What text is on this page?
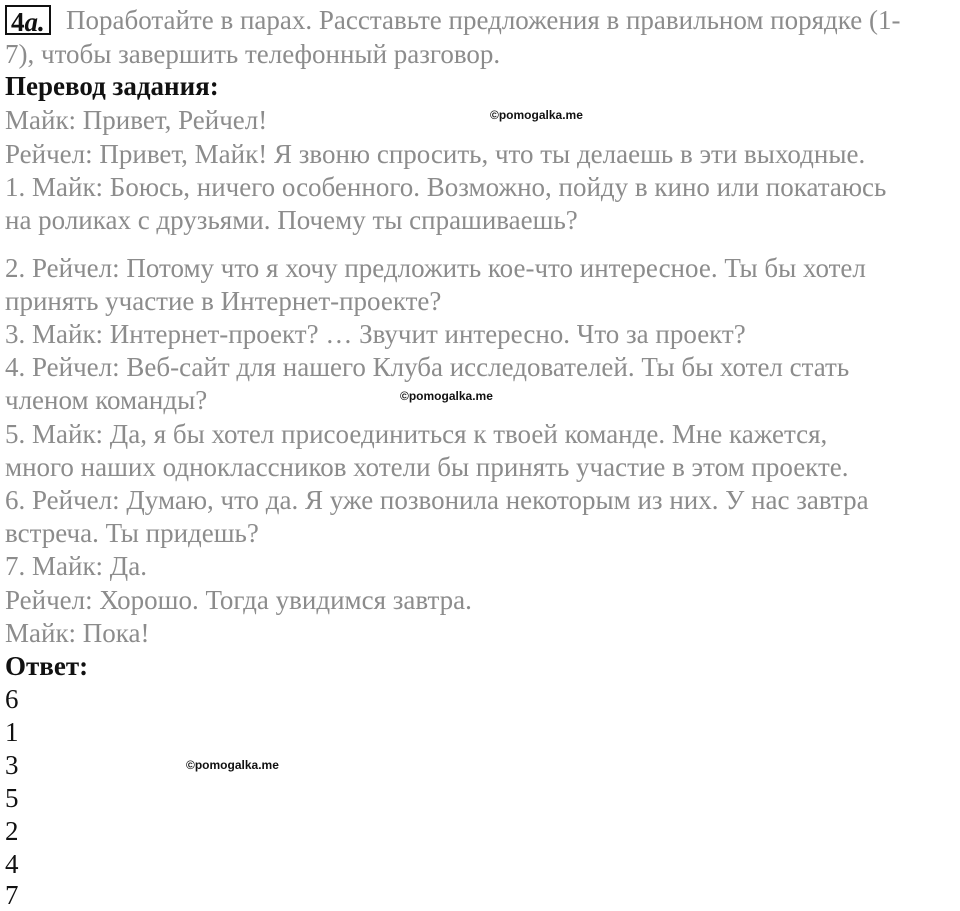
4a. Поработайте в парах. Расставьте предложения в правильном порядке (1-
7), чтобы завершить телефонный разговор.
Перевод задания:
Майк: Привет, Рейчел!
Рейчел: Привет, Майк! Я звоню спросить, что ты делаешь в эти выходные.
1. Майк: Боюсь, ничего особенного. Возможно, пойду в кино или покатаюсь
на роликах с друзьями. Почему ты спрашиваешь?
2. Рейчел: Потому что я хочу предложить кое-что интересное. Ты бы хотел
принять участие в Интернет-проекте?
3. Майк: Интернет-проект? … Звучит интересно. Что за проект?
4. Рейчел: Веб-сайт для нашего Клуба исследователей. Ты бы хотел стать
членом команды?
5. Майк: Да, я бы хотел присоединиться к твоей команде. Мне кажется,
много наших одноклассников хотели бы принять участие в этом проекте.
6. Рейчел: Думаю, что да. Я уже позвонила некоторым из них. У нас завтра
встреча. Ты придешь?
7. Майк: Да.
Рейчел: Хорошо. Тогда увидимся завтра.
Майк: Пока!
Ответ:
6
1
3
5
2
4
7
©pomogalka.me
©pomogalka.me
©pomogalka.me
